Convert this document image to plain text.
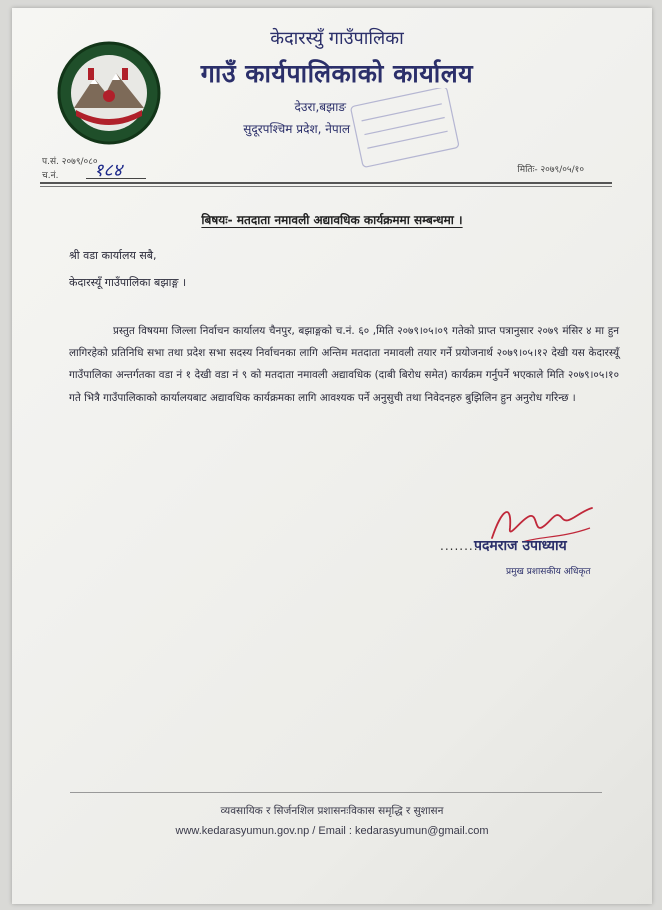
केदारस्युँ गाउँपालिका
गाउँ कार्यपालिकाको कार्यालय
देउरा,बझाङ
सुदूरपश्चिम प्रदेश, नेपाल
प.सं. २०७९/०८०
च.नं. १८४	मितिः- २०७९/०५/१०
बिषयः- मतदाता नमावली अद्यावधिक कार्यक्रममा सम्बन्धमा ।
श्री वडा कार्यालय सबै,
केदारस्यूँ गाउँपालिका बझाङ्ग ।
प्रस्तुत विषयमा जिल्ला निर्वाचन कार्यालय चैनपुर, बझाङ्गको च.नं. ६० ,मिति २०७९।०५।०९ गतेको प्राप्त पत्रानुसार २०७९ मंसिर ४ मा हुन लागिरहेको प्रतिनिधि सभा तथा प्रदेश सभा सदस्य निर्वाचनका लागि अन्तिम मतदाता नमावली तयार गर्ने प्रयोजनार्थ २०७९।०५।१२ देखी यस केदारस्यूँ गाउँपालिका अन्तर्गतका वडा नं १ देखी वडा नं ९ को मतदाता नमावली अद्यावधिक (दाबी बिरोध समेत) कार्यक्रम गर्नुपर्ने भएकाले मिति २०७९।०५।१० गते भित्रै गाउँपालिकाको कार्यालयबाट अद्यावधिक कार्यक्रमका लागि आवश्यक पर्ने अनुसुची तथा निवेदनहरु बुझिलिन हुन अनुरोध गरिन्छ ।
........
पदमराज उपाध्याय
प्रमुख प्रशासकीय अधिकृत
व्यवसायिक र सिर्जनशिल प्रशासनःविकास समृद्धि र सुशासन
www.kedarasyumun.gov.np / Email : kedarasyumun@gmail.com
